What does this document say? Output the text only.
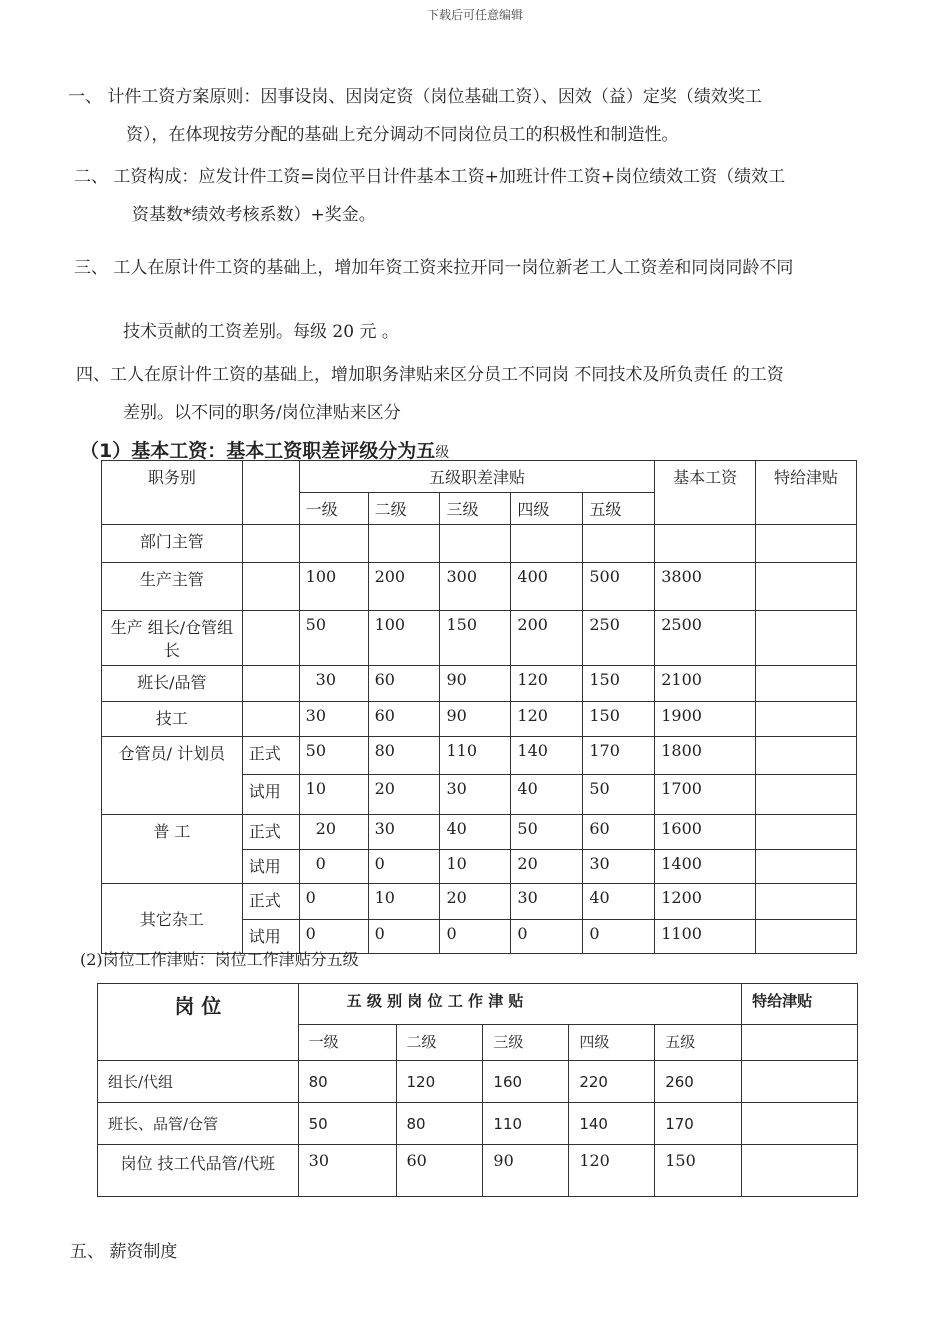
下载后可任意编辑
一、 计件工资方案原则：因事设岗、因岗定资（岗位基础工资）、因效（益）定奖（绩效奖工
资），在体现按劳分配的基础上充分调动不同岗位员工的积极性和制造性。
二、 工资构成：应发计件工资=岗位平日计件基本工资+加班计件工资+岗位绩效工资（绩效工
资基数*绩效考核系数）+奖金。
三、 工人在原计件工资的基础上，增加年资工资来拉开同一岗位新老工人工资差和同岗同龄不同
技术贡献的工资差别。每级 20 元 。
四、工人在原计件工资的基础上，增加职务津贴来区分员工不同岗 不同技术及所负责任 的工资
差别。以不同的职务/岗位津贴来区分
（1）基本工资：基本工资职差评级分为五级
职务别		五级职差津贴					基本工资	特给津贴
		一级	二级	三级	四级	五级		
部门主管								
生产主管		100	200	300	400	500	3800	
生产 组长/仓管组长		50	100	150	200	250	2500	
班长/品管		30	60	90	120	150	2100	
技工		30	60	90	120	150	1900	
仓管员/ 计划员	正式	50	80	110	140	170	1800	
	试用	10	20	30	40	50	1700	
普 工	正式	20	30	40	50	60	1600	
	试用	0	0	10	20	30	1400	
其它杂工	正式	0	10	20	30	40	1200	
	试用	0	0	0	0	0	1100	
(2)岗位工作津贴：岗位工作津贴分五级
岗 位	五 级 别 岗 位 工 作 津 贴					特给津贴
	一级	二级	三级	四级	五级	
组长/代组	80	120	160	220	260	
班长、品管/仓管	50	80	110	140	170	
岗位 技工代品管/代班	30	60	90	120	150	
五、 薪资制度
